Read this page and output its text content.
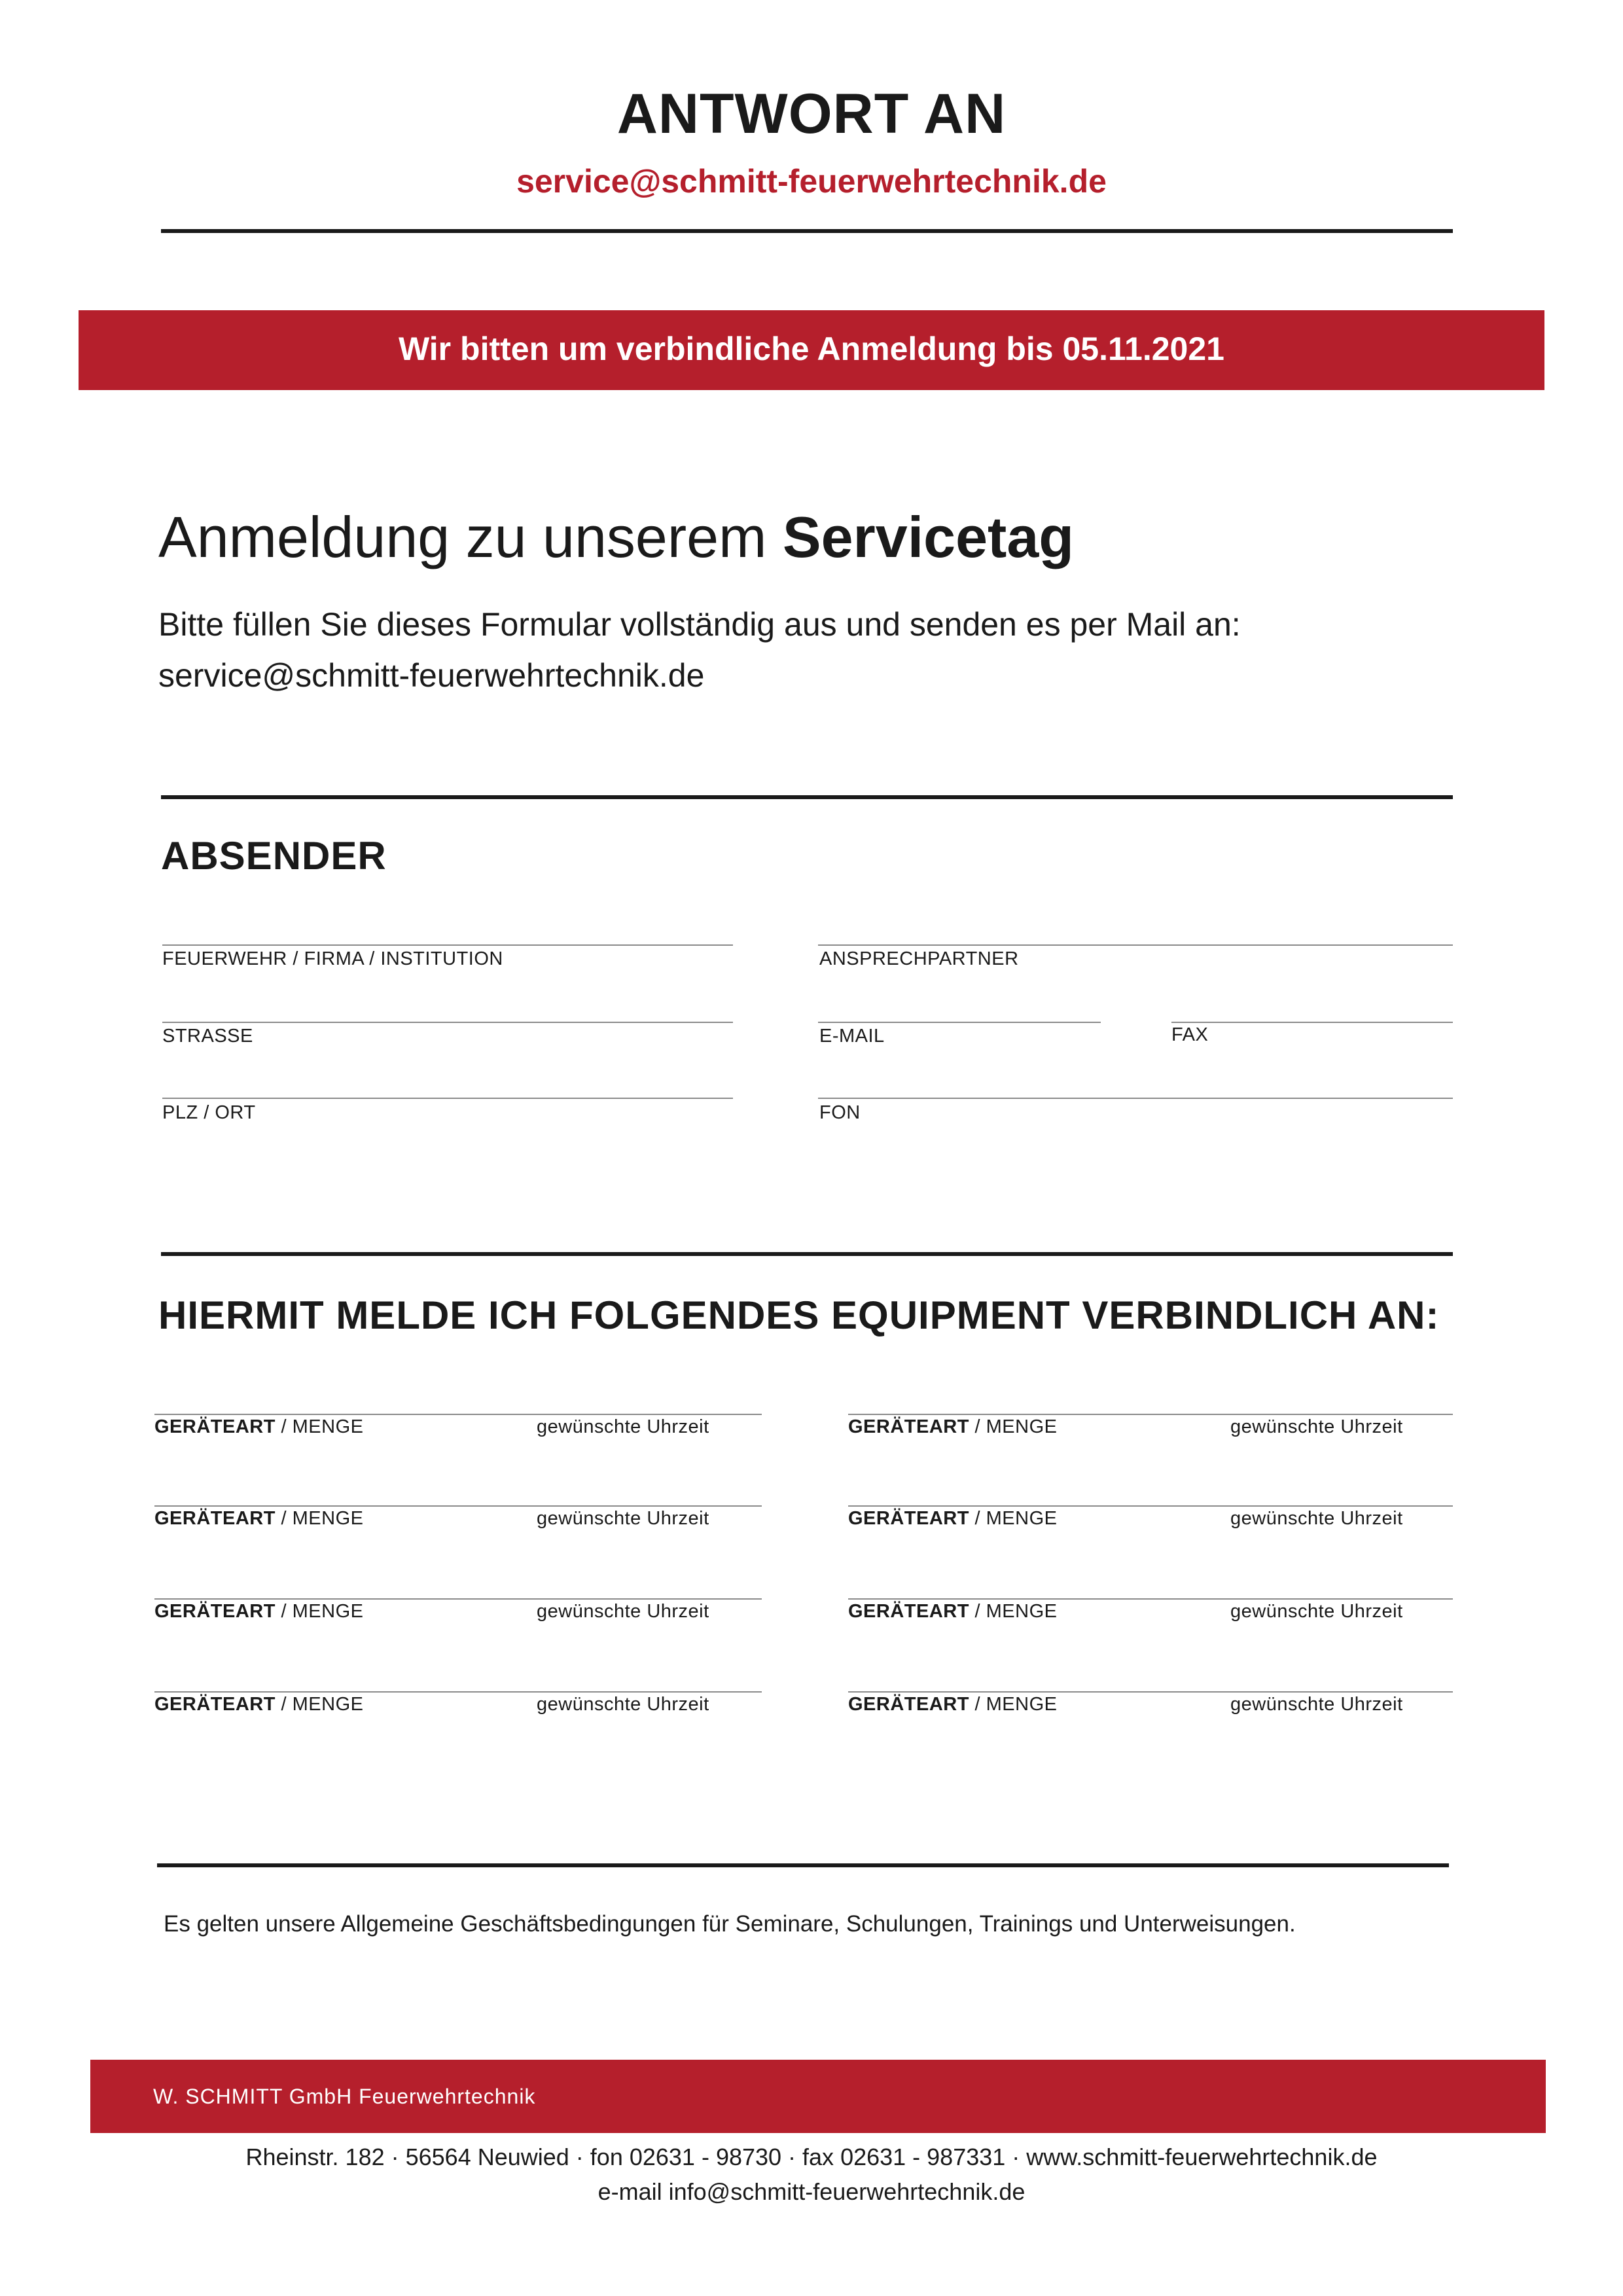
ANTWORT AN
service@schmitt-feuerwehrtechnik.de
Wir bitten um verbindliche Anmeldung bis 05.11.2021
Anmeldung zu unserem Servicetag
Bitte füllen Sie dieses Formular vollständig aus und senden es per Mail an:
service@schmitt-feuerwehrtechnik.de
ABSENDER
FEUERWEHR / FIRMA / INSTITUTION	ANSPRECHPARTNER
STRASSE	E-MAIL	FAX
PLZ / ORT	FON
HIERMIT MELDE ICH FOLGENDES EQUIPMENT VERBINDLICH AN:
GERÄTEART / MENGE	gewünschte Uhrzeit	GERÄTEART / MENGE	gewünschte Uhrzeit
GERÄTEART / MENGE	gewünschte Uhrzeit	GERÄTEART / MENGE	gewünschte Uhrzeit
GERÄTEART / MENGE	gewünschte Uhrzeit	GERÄTEART / MENGE	gewünschte Uhrzeit
GERÄTEART / MENGE	gewünschte Uhrzeit	GERÄTEART / MENGE	gewünschte Uhrzeit
Es gelten unsere Allgemeine Geschäftsbedingungen für Seminare, Schulungen, Trainings und Unterweisungen.
W. SCHMITT GmbH Feuerwehrtechnik
Rheinstr. 182 · 56564 Neuwied · fon 02631 - 98730 · fax 02631 - 987331 · www.schmitt-feuerwehrtechnik.de
e-mail info@schmitt-feuerwehrtechnik.de
